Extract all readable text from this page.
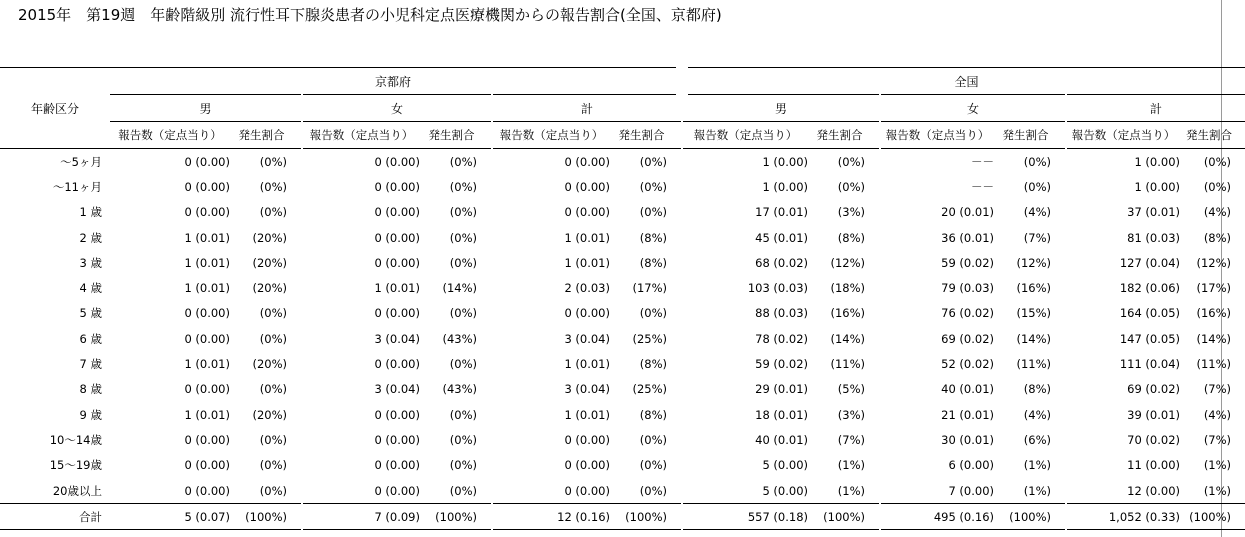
2015年　第19週　年齢階級別 流行性耳下腺炎患者の小児科定点医療機関からの報告割合(全国、京都府)
年齢区分	京都府						全国					
	男		女		計		男		女		計	
	報告数（定点当り）	発生割合	報告数（定点当り）	発生割合	報告数（定点当り）	発生割合	報告数（定点当り）	発生割合	報告数（定点当り）	発生割合	報告数（定点当り）	発生割合
～5ヶ月	0 (0.00)	(0%)	0 (0.00)	(0%)	0 (0.00)	(0%)	1 (0.00)	(0%)	－－	(0%)	1 (0.00)	(0%)
～11ヶ月	0 (0.00)	(0%)	0 (0.00)	(0%)	0 (0.00)	(0%)	1 (0.00)	(0%)	－－	(0%)	1 (0.00)	(0%)
1 歳	0 (0.00)	(0%)	0 (0.00)	(0%)	0 (0.00)	(0%)	17 (0.01)	(3%)	20 (0.01)	(4%)	37 (0.01)	(4%)
2 歳	1 (0.01)	(20%)	0 (0.00)	(0%)	1 (0.01)	(8%)	45 (0.01)	(8%)	36 (0.01)	(7%)	81 (0.03)	(8%)
3 歳	1 (0.01)	(20%)	0 (0.00)	(0%)	1 (0.01)	(8%)	68 (0.02)	(12%)	59 (0.02)	(12%)	127 (0.04)	(12%)
4 歳	1 (0.01)	(20%)	1 (0.01)	(14%)	2 (0.03)	(17%)	103 (0.03)	(18%)	79 (0.03)	(16%)	182 (0.06)	(17%)
5 歳	0 (0.00)	(0%)	0 (0.00)	(0%)	0 (0.00)	(0%)	88 (0.03)	(16%)	76 (0.02)	(15%)	164 (0.05)	(16%)
6 歳	0 (0.00)	(0%)	3 (0.04)	(43%)	3 (0.04)	(25%)	78 (0.02)	(14%)	69 (0.02)	(14%)	147 (0.05)	(14%)
7 歳	1 (0.01)	(20%)	0 (0.00)	(0%)	1 (0.01)	(8%)	59 (0.02)	(11%)	52 (0.02)	(11%)	111 (0.04)	(11%)
8 歳	0 (0.00)	(0%)	3 (0.04)	(43%)	3 (0.04)	(25%)	29 (0.01)	(5%)	40 (0.01)	(8%)	69 (0.02)	(7%)
9 歳	1 (0.01)	(20%)	0 (0.00)	(0%)	1 (0.01)	(8%)	18 (0.01)	(3%)	21 (0.01)	(4%)	39 (0.01)	(4%)
10～14歳	0 (0.00)	(0%)	0 (0.00)	(0%)	0 (0.00)	(0%)	40 (0.01)	(7%)	30 (0.01)	(6%)	70 (0.02)	(7%)
15～19歳	0 (0.00)	(0%)	0 (0.00)	(0%)	0 (0.00)	(0%)	5 (0.00)	(1%)	6 (0.00)	(1%)	11 (0.00)	(1%)
20歳以上	0 (0.00)	(0%)	0 (0.00)	(0%)	0 (0.00)	(0%)	5 (0.00)	(1%)	7 (0.00)	(1%)	12 (0.00)	(1%)
合計	5 (0.07)	(100%)	7 (0.09)	(100%)	12 (0.16)	(100%)	557 (0.18)	(100%)	495 (0.16)	(100%)	1,052 (0.33)	(100%)
